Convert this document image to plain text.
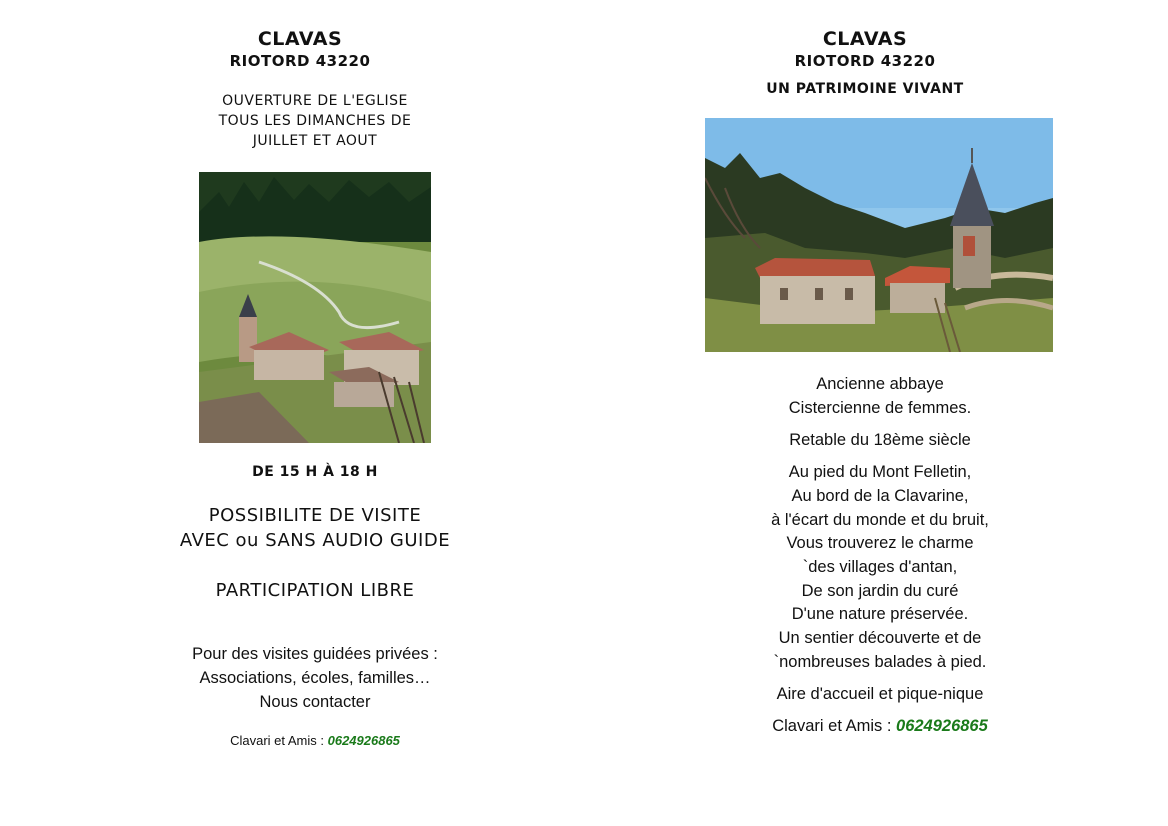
CLAVAS
RIOTORD 43220
OUVERTURE DE L'EGLISE
TOUS LES DIMANCHES DE
JUILLET ET AOUT
DE 15 H À 18 H
POSSIBILITE DE VISITE
AVEC ou SANS AUDIO GUIDE
PARTICIPATION LIBRE
Pour des visites guidées privées :
Associations, écoles, familles…
Nous contacter
Clavari et Amis : 0624926865
CLAVAS
RIOTORD 43220
UN PATRIMOINE VIVANT
Ancienne abbaye
Cistercienne de femmes.
Retable du 18ème siècle
Au pied du Mont Felletin,
Au bord de la Clavarine,
à l'écart du monde et du bruit,
Vous trouverez le charme
`des villages d'antan,
De son jardin du curé
D'une nature préservée.
Un sentier découverte et de
`nombreuses balades à pied.
Aire d'accueil et pique-nique
Clavari et Amis : 0624926865
